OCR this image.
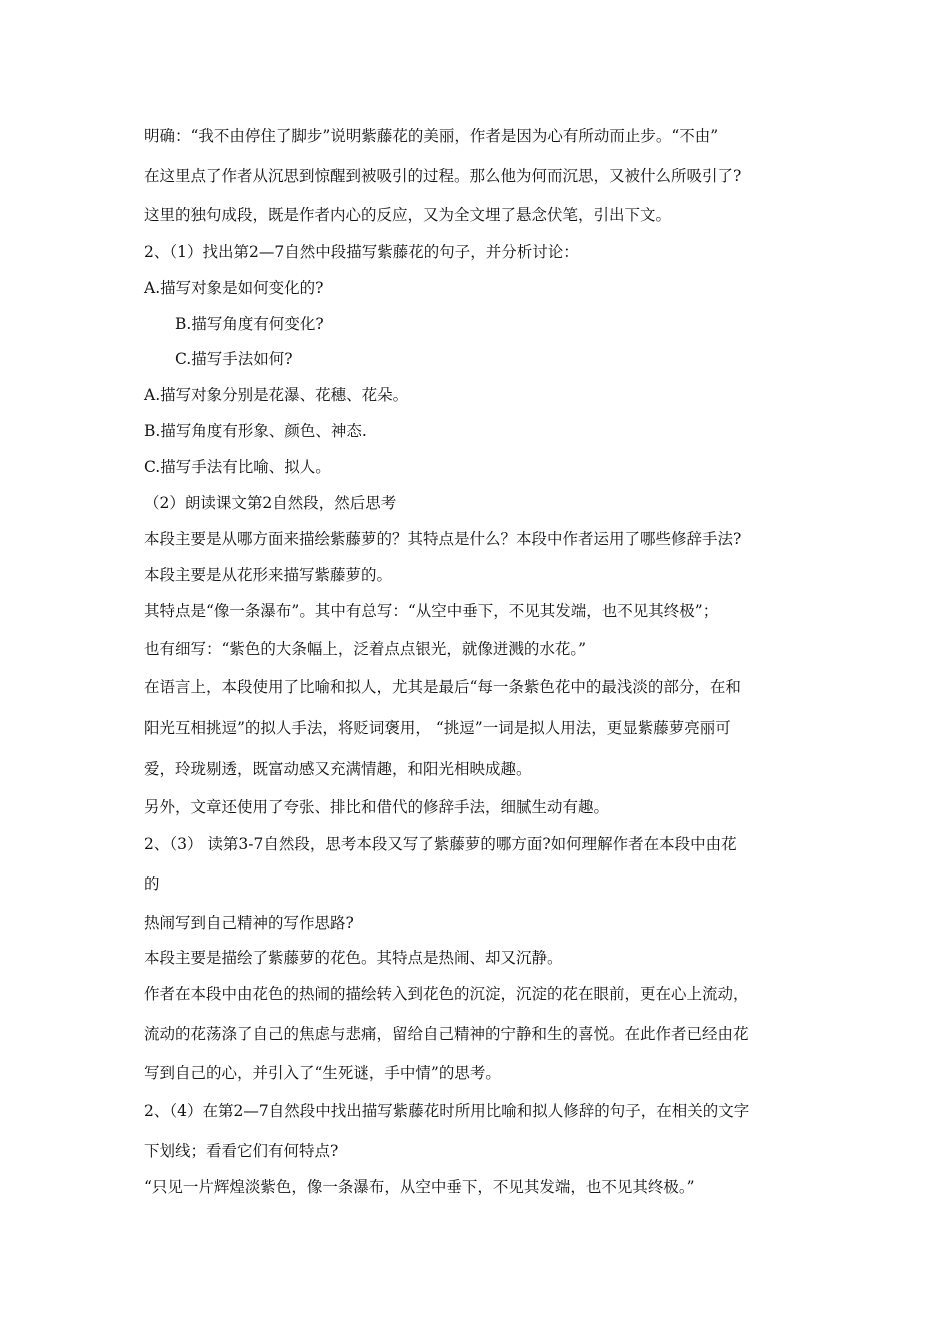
明确：“我不由停住了脚步”说明紫藤花的美丽，作者是因为心有所动而止步。“不由”
在这里点了作者从沉思到惊醒到被吸引的过程。那么他为何而沉思，又被什么所吸引了?
这里的独句成段，既是作者内心的反应，又为全文埋了悬念伏笔，引出下文。
2、（1）找出第2—7自然中段描写紫藤花的句子，并分析讨论：
A.描写对象是如何变化的?
B.描写角度有何变化?
C.描写手法如何?
A.描写对象分别是花瀑、花穗、花朵。
B.描写角度有形象、颜色、神态.
C.描写手法有比喻、拟人。
（2）朗读课文第2自然段，然后思考
本段主要是从哪方面来描绘紫藤萝的？其特点是什么？本段中作者运用了哪些修辞手法?
本段主要是从花形来描写紫藤萝的。
其特点是“像一条瀑布”。其中有总写：“从空中垂下，不见其发端，也不见其终极”；
也有细写：“紫色的大条幅上，泛着点点银光，就像迸溅的水花。”
在语言上，本段使用了比喻和拟人，尤其是最后“每一条紫色花中的最浅淡的部分，在和
阳光互相挑逗”的拟人手法，将贬词褒用， “挑逗”一词是拟人用法，更显紫藤萝亮丽可
爱，玲珑剔透，既富动感又充满情趣，和阳光相映成趣。
另外，文章还使用了夸张、排比和借代的修辞手法，细腻生动有趣。
2、（3） 读第3-7自然段，思考本段又写了紫藤萝的哪方面?如何理解作者在本段中由花
的
热闹写到自己精神的写作思路?
本段主要是描绘了紫藤萝的花色。其特点是热闹、却又沉静。
作者在本段中由花色的热闹的描绘转入到花色的沉淀，沉淀的花在眼前，更在心上流动，
流动的花荡涤了自己的焦虑与悲痛，留给自己精神的宁静和生的喜悦。在此作者已经由花
写到自己的心，并引入了“生死谜，手中情”的思考。
2、（4）在第2—7自然段中找出描写紫藤花时所用比喻和拟人修辞的句子，在相关的文字
下划线；看看它们有何特点?
“只见一片辉煌淡紫色，像一条瀑布，从空中垂下，不见其发端，也不见其终极。”
